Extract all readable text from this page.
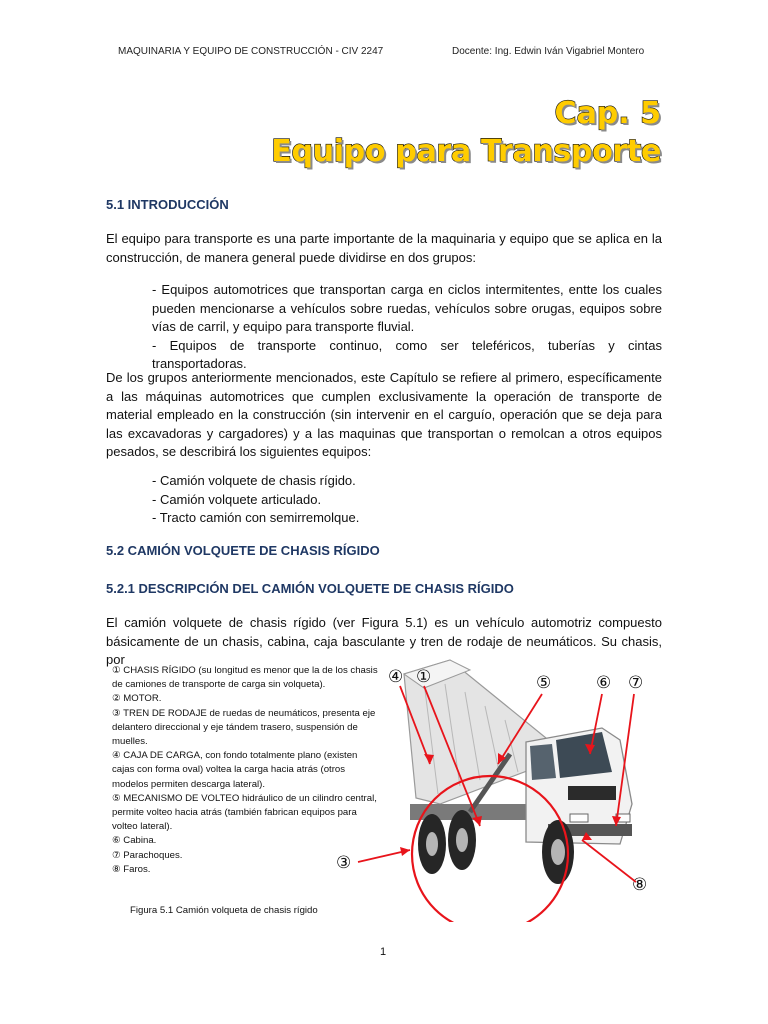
MAQUINARIA Y EQUIPO DE CONSTRUCCIÓN - CIV 2247	Docente: Ing. Edwin Iván Vigabriel Montero
Cap. 5
Equipo para Transporte
5.1 INTRODUCCIÓN
El equipo para transporte es una parte importante de la maquinaria y equipo que se aplica en la construcción, de manera general puede dividirse en dos grupos:
- Equipos automotrices que transportan carga en ciclos intermitentes, entte los cuales pueden mencionarse a vehículos sobre ruedas, vehículos sobre orugas, equipos sobre vías de carril, y equipo para transporte fluvial.
- Equipos de transporte continuo, como ser teleféricos, tuberías y cintas transportadoras.
De los grupos anteriormente mencionados, este Capítulo se refiere al primero, específicamente a las máquinas automotrices que cumplen exclusivamente la operación de transporte de material empleado en la construcción (sin intervenir en el carguío, operación que se deja para las excavadoras y cargadores) y a las maquinas que transportan o remolcan a otros equipos pesados, se describirá los siguientes equipos:
- Camión volquete de chasis rígido.
- Camión volquete articulado.
- Tracto camión con semirremolque.
5.2 CAMIÓN VOLQUETE DE CHASIS RÍGIDO
5.2.1 DESCRIPCIÓN DEL CAMIÓN VOLQUETE DE CHASIS RÍGIDO
El camión volquete de chasis rígido (ver Figura 5.1) es un vehículo automotriz compuesto básicamente de un chasis, cabina, caja basculante y tren de rodaje de neumáticos. Su chasis, por
① CHASIS RÍGIDO (su longitud es menor que la de los chasis de camiones de transporte de carga sin volqueta).
② MOTOR.
③ TREN DE RODAJE de ruedas de neumáticos, presenta eje delantero direccional y eje tándem trasero, suspensión de muelles.
④ CAJA DE CARGA, con fondo totalmente plano (existen cajas con forma oval) voltea la carga hacia atrás (otros modelos permiten descarga lateral).
⑤ MECANISMO DE VOLTEO hidráulico de un cilindro central, permite volteo hacia atrás (también fabrican equipos para volteo lateral).
⑥ Cabina.
⑦ Parachoques.
⑧ Faros.
④ ①	⑤	⑥ ⑦
③
⑧
Figura 5.1 Camión volqueta de chasis rígido
1
